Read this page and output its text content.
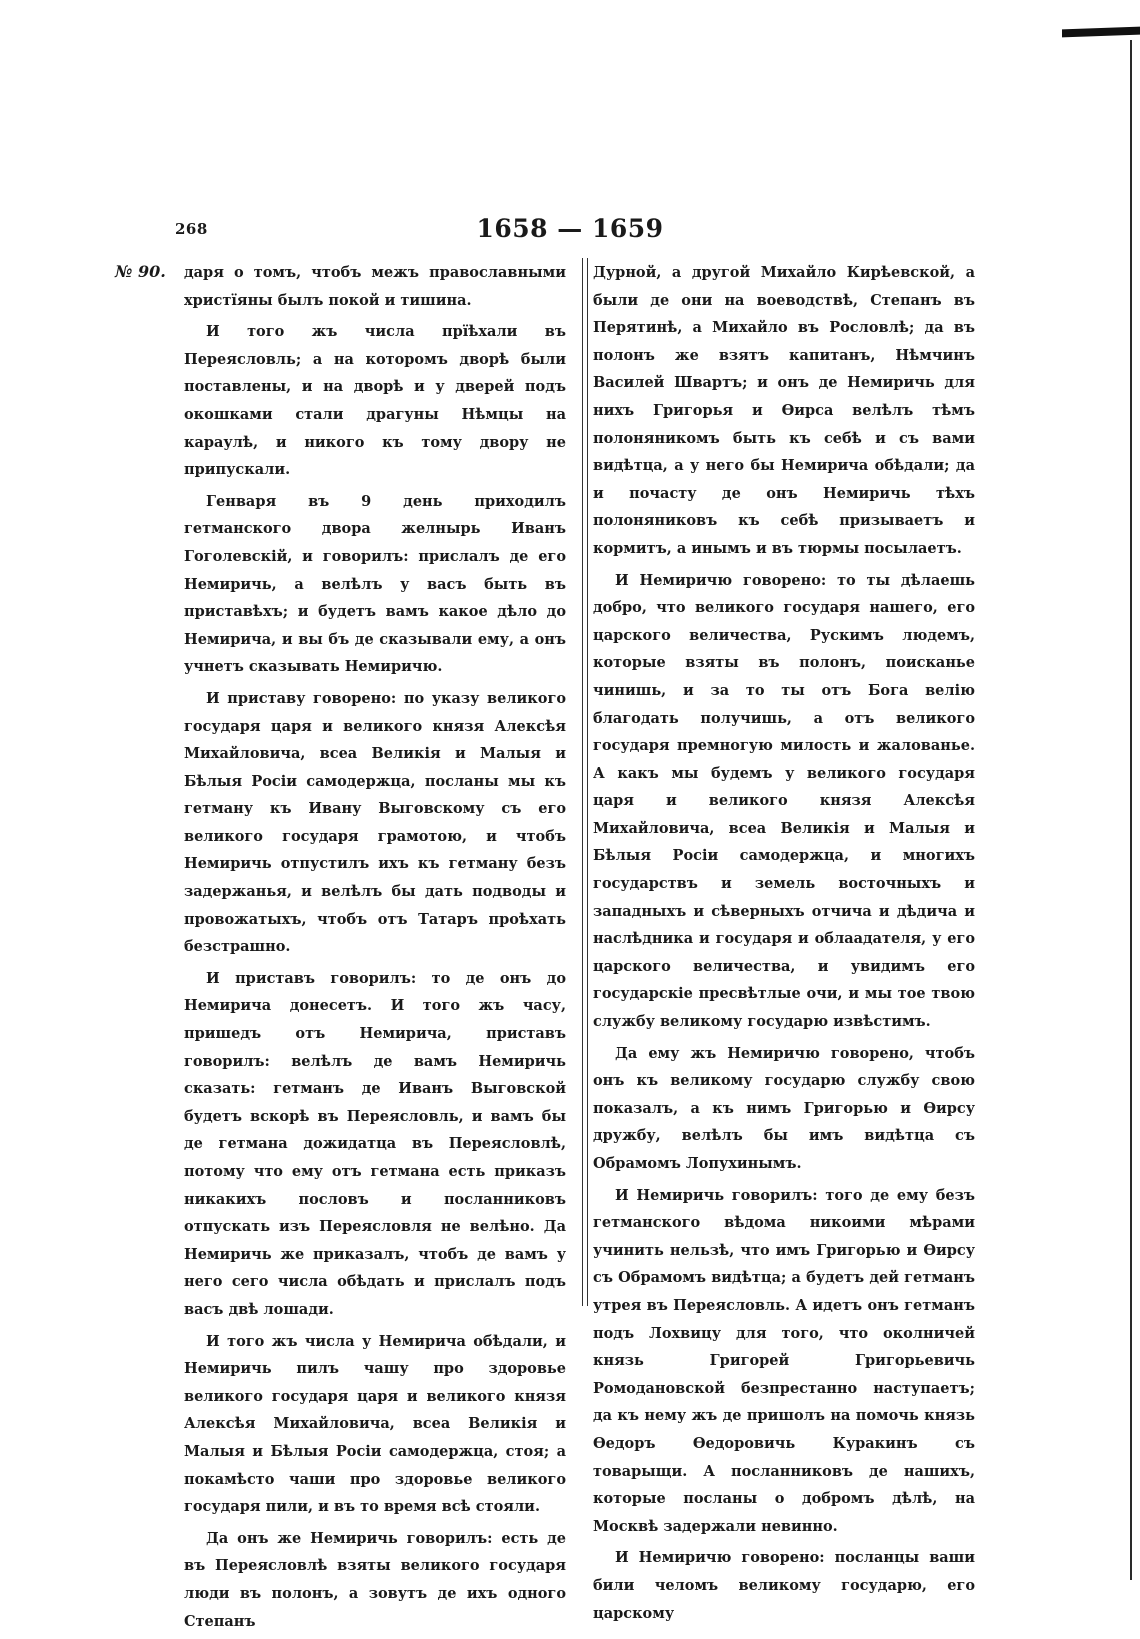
268	1658 — 1659
№ 90. даря о томъ, чтобъ межъ православными христїяны былъ покой и тишина.

И того жъ числа прїѣхали въ Переясловль; а на которомъ дворѣ были поставлены, и на дворѣ и у дверей подъ окошками стали драгуны Нѣмцы на караулѣ, и никого къ тому двору не припускали.

Генваря въ 9 день приходилъ гетманского двора желнырь Иванъ Гоголевскій, и говорилъ: прислалъ де его Немиричь, а велѣлъ у васъ быть въ приставѣхъ; и будетъ вамъ какое дѣло до Немирича, и вы бъ де сказывали ему, а онъ учнетъ сказывать Немиричю.

И приставу говорено: по указу великого государя царя и великого князя Алексѣя Михайловича, всеа Великія и Малыя и Бѣлыя Росіи самодержца, посланы мы къ гетману къ Ивану Выговскому съ его великого государя грамотою, и чтобъ Немиричь отпустилъ ихъ къ гетману безъ задержанья, и велѣлъ бы дать подводы и провожатыхъ, чтобъ отъ Татаръ проѣхать безстрашно.

И приставъ говорилъ: то де онъ до Немирича донесетъ. И того жъ часу, пришедъ отъ Немирича, приставъ говорилъ: велѣлъ де вамъ Немиричь сказать: гетманъ де Иванъ Выговской будетъ вскорѣ въ Переясловль, и вамъ бы де гетмана дожидатца въ Переясловлѣ, потому что ему отъ гетмана есть приказъ никакихъ пословъ и посланниковъ отпускать изъ Переясловля не велѣно. Да Немиричь же приказалъ, чтобъ де вамъ у него сего числа обѣдать и прислалъ подъ васъ двѣ лошади.

И того жъ числа у Немирича обѣдали, и Немиричь пилъ чашу про здоровье великого государя царя и великого князя Алексѣя Михайловича, всеа Великія и Малыя и Бѣлыя Росіи самодержца, стоя; а покамѣсто чаши про здоровье великого государя пили, и въ то время всѣ стояли.

Да онъ же Немиричь говорилъ: есть де въ Переясловлѣ взяты великого государя люди въ полонъ, а зовутъ де ихъ одного Степанъ

Дурной, а другой Михайло Кирѣевской, а были де они на воеводствѣ, Степанъ въ Перятинѣ, а Михайло въ Рословлѣ; да въ полонъ же взятъ капитанъ, Нѣмчинъ Василей Швартъ; и онъ де Немиричь для нихъ Григорья и Ѳирса велѣлъ тѣмъ полоняникомъ быть къ себѣ и съ вами видѣтца, а у него бы Немирича обѣдали; да и почасту де онъ Немиричь тѣхъ полоняниковъ къ себѣ призываетъ и кормитъ, а инымъ и въ тюрмы посылаетъ.

И Немиричю говорено: то ты дѣлаешь добро, что великого государя нашего, его царского величества, Рускимъ людемъ, которые взяты въ полонъ, поисканье чинишь, и за то ты отъ Бога велію благодать получишь, а отъ великого государя премногую милость и жалованье. А какъ мы будемъ у великого государя царя и великого князя Алексѣя Михайловича, всеа Великія и Малыя и Бѣлыя Росіи самодержца, и многихъ государствъ и земель восточныхъ и западныхъ и сѣверныхъ отчича и дѣдича и наслѣдника и государя и облаадателя, у его царского величества, и увидимъ его государскіе пресвѣтлые очи, и мы тое твою службу великому государю извѣстимъ.

Да ему жъ Немиричю говорено, чтобъ онъ къ великому государю службу свою показалъ, а къ нимъ Григорью и Ѳирсу дружбу, велѣлъ бы имъ видѣтца съ Обрамомъ Лопухинымъ.

И Немиричь говорилъ: того де ему безъ гетманского вѣдома никоими мѣрами учинить нельзѣ, что имъ Григорью и Ѳирсу съ Обрамомъ видѣтца; а будетъ дей гетманъ утрея въ Переясловль. А идетъ онъ гетманъ подъ Лохвицу для того, что околничей князь Григорей Григорьевичь Ромодановской безпрестанно наступаетъ; да къ нему жъ де пришолъ на помочь князь Ѳедоръ Ѳедоровичь Куракинъ съ товарыщи. А посланниковъ де нашихъ, которые посланы о добромъ дѣлѣ, на Москвѣ задержали невинно.

И Немиричю говорено: посланцы ваши били челомъ великому государю, его царскому
